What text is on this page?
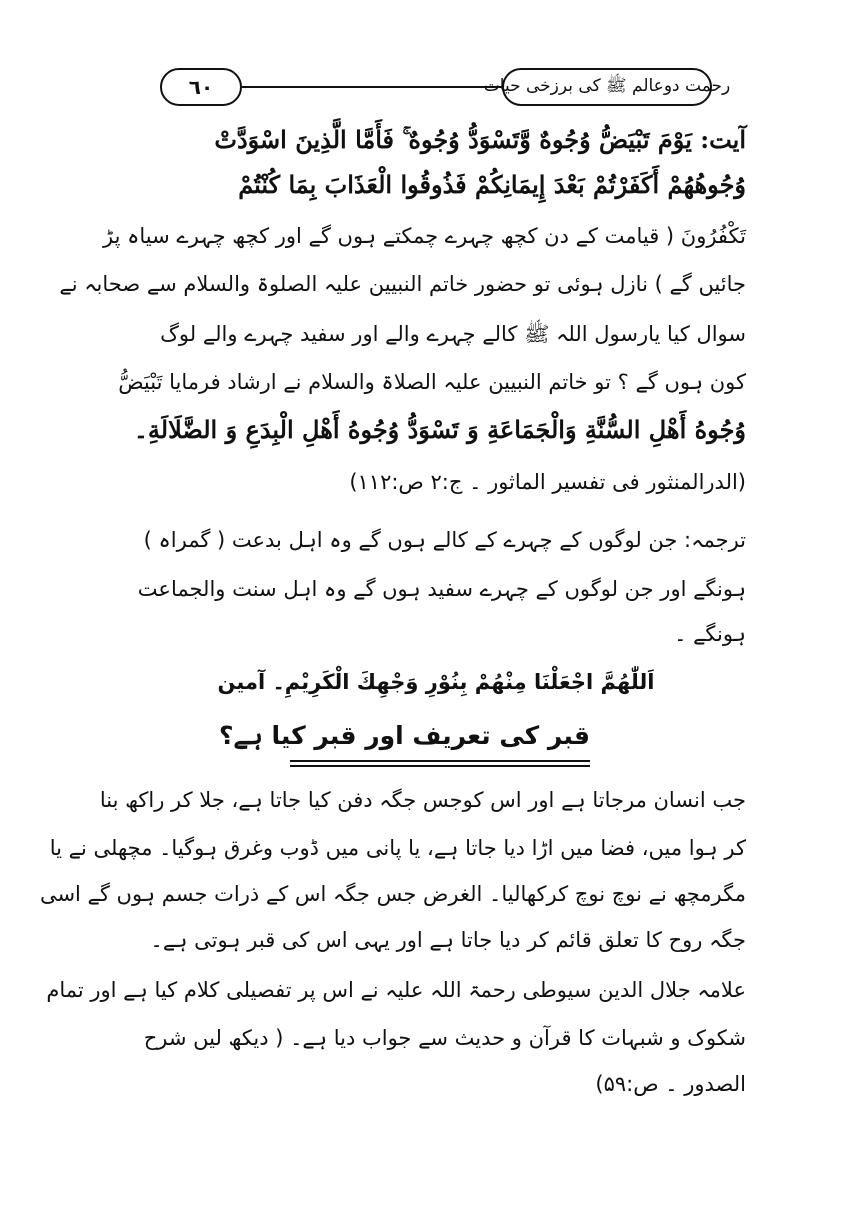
٦٠	رحمت دوعالم ﷺ کی برزخی حیات
آیت: يَوْمَ تَبْيَضُّ وُجُوهٌ وَّتَسْوَدُّ وُجُوهٌ ۚ فَأَمَّا الَّذِينَ اسْوَدَّتْ
وُجُوهُهُمْ أَكَفَرْتُمْ بَعْدَ إِيمَانِكُمْ فَذُوقُوا الْعَذَابَ بِمَا كُنْتُمْ
تَكْفُرُونَ ( قیامت کے دن کچھ چہرے چمکتے ہوں گے اور کچھ چہرے سیاہ پڑ
جائیں گے ) نازل ہوئی تو حضور خاتم النبیین علیہ الصلوۃ والسلام سے صحابہ نے
سوال کیا یارسول اللہ ﷺ کالے چہرے والے اور سفید چہرے والے لوگ
کون ہوں گے ؟ تو خاتم النبیین علیہ الصلاۃ والسلام نے ارشاد فرمایا تَبْيَضُّ
وُجُوهُ أَهْلِ السُّنَّةِ وَالْجَمَاعَةِ وَ تَسْوَدُّ وُجُوهُ أَهْلِ الْبِدَعِ وَ الضَّلَالَةِ۔
(الدرالمنثور فی تفسیر الماثور ۔ ج:۲ ص:۱۱۲)
ترجمہ: جن لوگوں کے چہرے کے کالے ہوں گے وہ اہل بدعت ( گمراہ )
ہونگے اور جن لوگوں کے چہرے سفید ہوں گے وہ اہل سنت والجماعت
ہونگے ۔
اَللّٰهُمَّ اجْعَلْنَا مِنْهُمْ بِنُوْرِ وَجْهِكَ الْكَرِيْمِ۔ آمین
قبر کی تعریف اور قبر کیا ہے؟
جب انسان مرجاتا ہے اور اس کوجس جگہ دفن کیا جاتا ہے، جلا کر راکھ بنا
کر ہوا میں، فضا میں اڑا دیا جاتا ہے، یا پانی میں ڈوب وغرق ہوگیا۔ مچھلی نے یا
مگرمچھ نے نوچ نوچ کرکھالیا۔ الغرض جس جگہ اس کے ذرات جسم ہوں گے اسی
جگہ روح کا تعلق قائم کر دیا جاتا ہے اور یہی اس کی قبر ہوتی ہے۔
علامہ جلال الدین سیوطی رحمۃ اللہ علیہ نے اس پر تفصیلی کلام کیا ہے اور تمام
شکوک و شبہات کا قرآن و حدیث سے جواب دیا ہے۔ ( دیکھ لیں شرح
الصدور ۔ ص:۵۹)
